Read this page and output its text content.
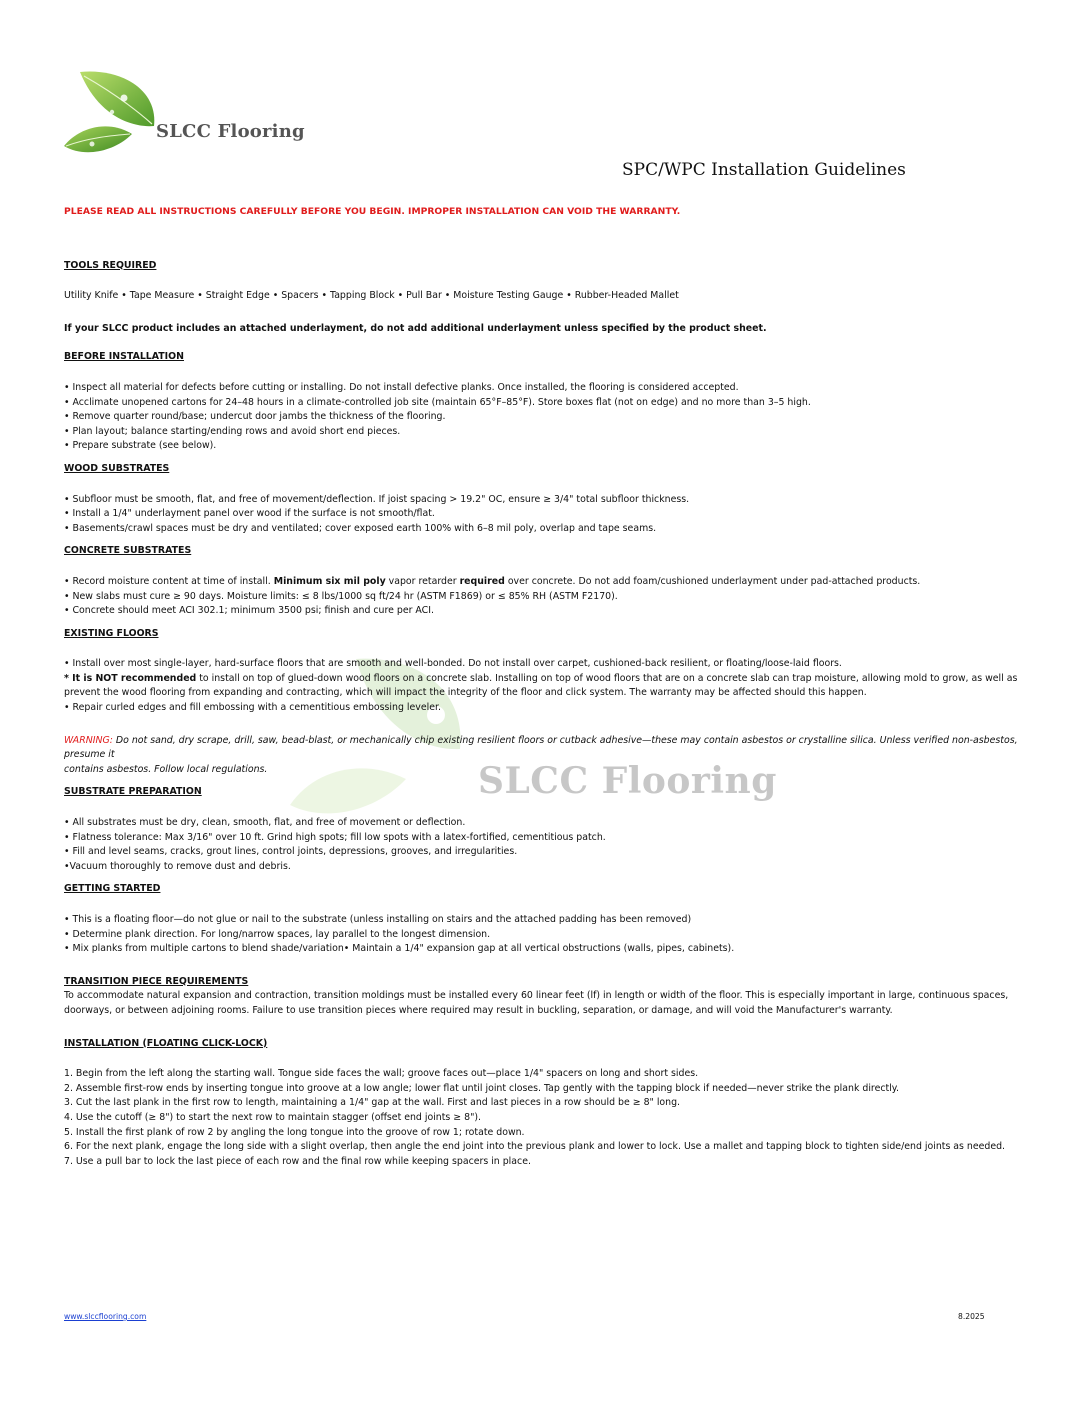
SLCC Flooring
SPC/WPC Installation Guidelines
SLCC Flooring

PLEASE READ ALL INSTRUCTIONS CAREFULLY BEFORE YOU BEGIN. IMPROPER INSTALLATION CAN VOID THE WARRANTY.

TOOLS REQUIRED

Utility Knife • Tape Measure • Straight Edge • Spacers • Tapping Block • Pull Bar • Moisture Testing Gauge • Rubber-Headed Mallet

If your SLCC product includes an attached underlayment, do not add additional underlayment unless specified by the product sheet.

BEFORE INSTALLATION

• Inspect all material for defects before cutting or installing. Do not install defective planks. Once installed, the flooring is considered accepted.
• Acclimate unopened cartons for 24–48 hours in a climate-controlled job site (maintain 65°F–85°F). Store boxes flat (not on edge) and no more than 3–5 high.
• Remove quarter round/base; undercut door jambs the thickness of the flooring.
• Plan layout; balance starting/ending rows and avoid short end pieces.
• Prepare substrate (see below).

WOOD SUBSTRATES

• Subfloor must be smooth, flat, and free of movement/deflection. If joist spacing > 19.2" OC, ensure ≥ 3/4" total subfloor thickness.
• Install a 1/4" underlayment panel over wood if the surface is not smooth/flat.
• Basements/crawl spaces must be dry and ventilated; cover exposed earth 100% with 6–8 mil poly, overlap and tape seams.

CONCRETE SUBSTRATES

• Record moisture content at time of install. Minimum six mil poly vapor retarder required over concrete. Do not add foam/cushioned underlayment under pad-attached products.
• New slabs must cure ≥ 90 days. Moisture limits: ≤ 8 lbs/1000 sq ft/24 hr (ASTM F1869) or ≤ 85% RH (ASTM F2170).
• Concrete should meet ACI 302.1; minimum 3500 psi; finish and cure per ACI.

EXISTING FLOORS

• Install over most single-layer, hard-surface floors that are smooth and well-bonded. Do not install over carpet, cushioned-back resilient, or floating/loose-laid floors.
* It is NOT recommended to install on top of glued-down wood floors on a concrete slab. Installing on top of wood floors that are on a concrete slab can trap moisture, allowing mold to grow, as well as
prevent the wood flooring from expanding and contracting, which will impact the integrity of the floor and click system. The warranty may be affected should this happen.
• Repair curled edges and fill embossing with a cementitious embossing leveler.

WARNING: Do not sand, dry scrape, drill, saw, bead-blast, or mechanically chip existing resilient floors or cutback adhesive—these may contain asbestos or crystalline silica. Unless verified non-asbestos, presume it

contains asbestos. Follow local regulations.

SUBSTRATE PREPARATION

• All substrates must be dry, clean, smooth, flat, and free of movement or deflection.
• Flatness tolerance: Max 3/16" over 10 ft. Grind high spots; fill low spots with a latex-fortified, cementitious patch.
• Fill and level seams, cracks, grout lines, control joints, depressions, grooves, and irregularities.
•Vacuum thoroughly to remove dust and debris.

GETTING STARTED

• This is a floating floor—do not glue or nail to the substrate (unless installing on stairs and the attached padding has been removed)
• Determine plank direction. For long/narrow spaces, lay parallel to the longest dimension.
• Mix planks from multiple cartons to blend shade/variation• Maintain a 1/4" expansion gap at all vertical obstructions (walls, pipes, cabinets).

TRANSITION PIECE REQUIREMENTS

To accommodate natural expansion and contraction, transition moldings must be installed every 60 linear feet (lf) in length or width of the floor. This is especially important in large, continuous spaces,

doorways, or between adjoining rooms. Failure to use transition pieces where required may result in buckling, separation, or damage, and will void the Manufacturer's warranty.

INSTALLATION (FLOATING CLICK-LOCK)

1. Begin from the left along the starting wall. Tongue side faces the wall; groove faces out—place 1/4" spacers on long and short sides.
2. Assemble first-row ends by inserting tongue into groove at a low angle; lower flat until joint closes. Tap gently with the tapping block if needed—never strike the plank directly.
3. Cut the last plank in the first row to length, maintaining a 1/4" gap at the wall. First and last pieces in a row should be ≥ 8" long.
4. Use the cutoff (≥ 8") to start the next row to maintain stagger (offset end joints ≥ 8").
5. Install the first plank of row 2 by angling the long tongue into the groove of row 1; rotate down.
6. For the next plank, engage the long side with a slight overlap, then angle the end joint into the previous plank and lower to lock. Use a mallet and tapping block to tighten side/end joints as needed.
7. Use a pull bar to lock the last piece of each row and the final row while keeping spacers in place.
www.slccflooring.com	8.2025
